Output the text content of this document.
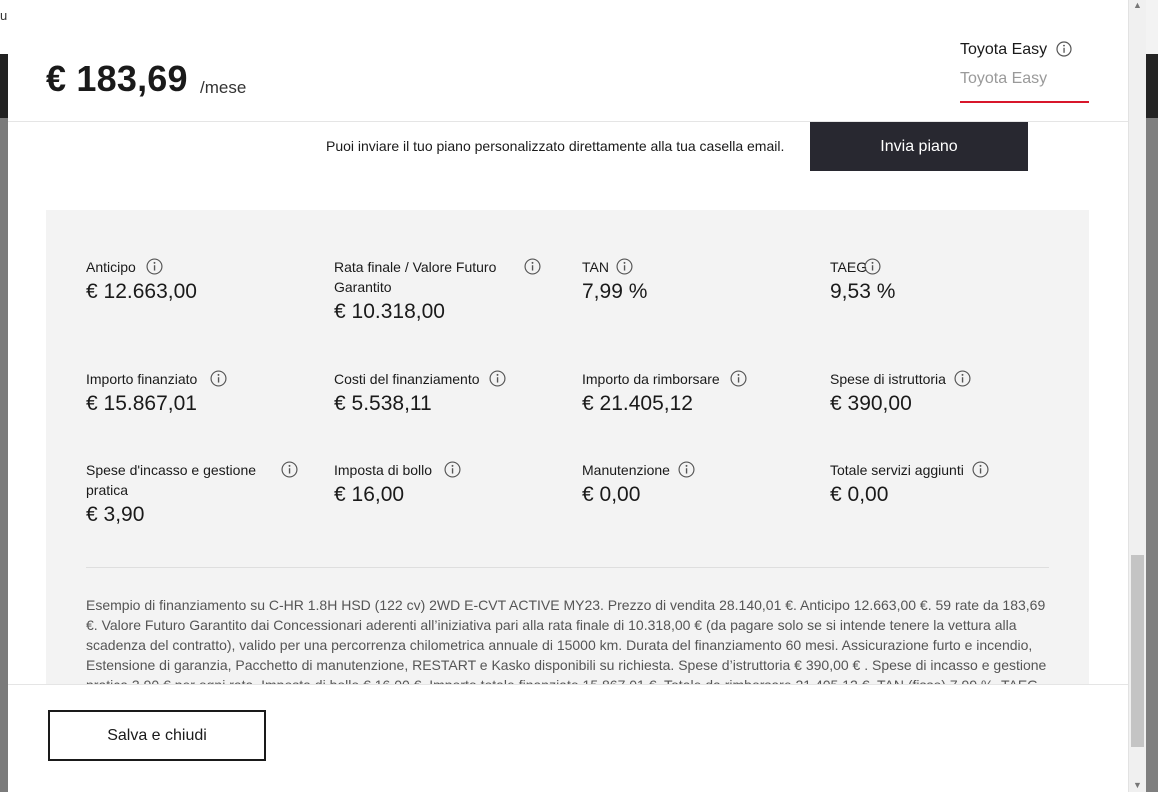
u
▲
▼
Anticipo
€ 12.663,00
Rata finale / Valore Futuro Garantito
€ 10.318,00
TAN
7,99 %
TAEG
9,53 %
Importo finanziato
€ 15.867,01
Costi del finanziamento
€ 5.538,11
Importo da rimborsare
€ 21.405,12
Spese di istruttoria
€ 390,00
Spese d'incasso e gestione pratica
€ 3,90
Imposta di bollo
€ 16,00
Manutenzione
€ 0,00
Totale servizi aggiunti
€ 0,00

Esempio di finanziamento su C-HR 1.8H HSD (122 cv) 2WD E-CVT ACTIVE MY23. Prezzo di vendita 28.140,01 €. Anticipo 12.663,00 €. 59 rate da 183,69 €. Valore Futuro Garantito dai Concessionari aderenti all’iniziativa pari alla rata finale di 10.318,00 € (da pagare solo se si intende tenere la vettura alla scadenza del contratto), valido per una percorrenza chilometrica annuale di 15000 km. Durata del finanziamento 60 mesi. Assicurazione furto e incendio, Estensione di garanzia, Pacchetto di manutenzione, RESTART e Kasko disponibili su richiesta. Spese d’istruttoria € 390,00 € . Spese di incasso e gestione

€ 183,69 /mese
Toyota Easy
Toyota Easy
Puoi inviare il tuo piano personalizzato direttamente alla tua casella email.	Invia piano
Salva e chiudi
